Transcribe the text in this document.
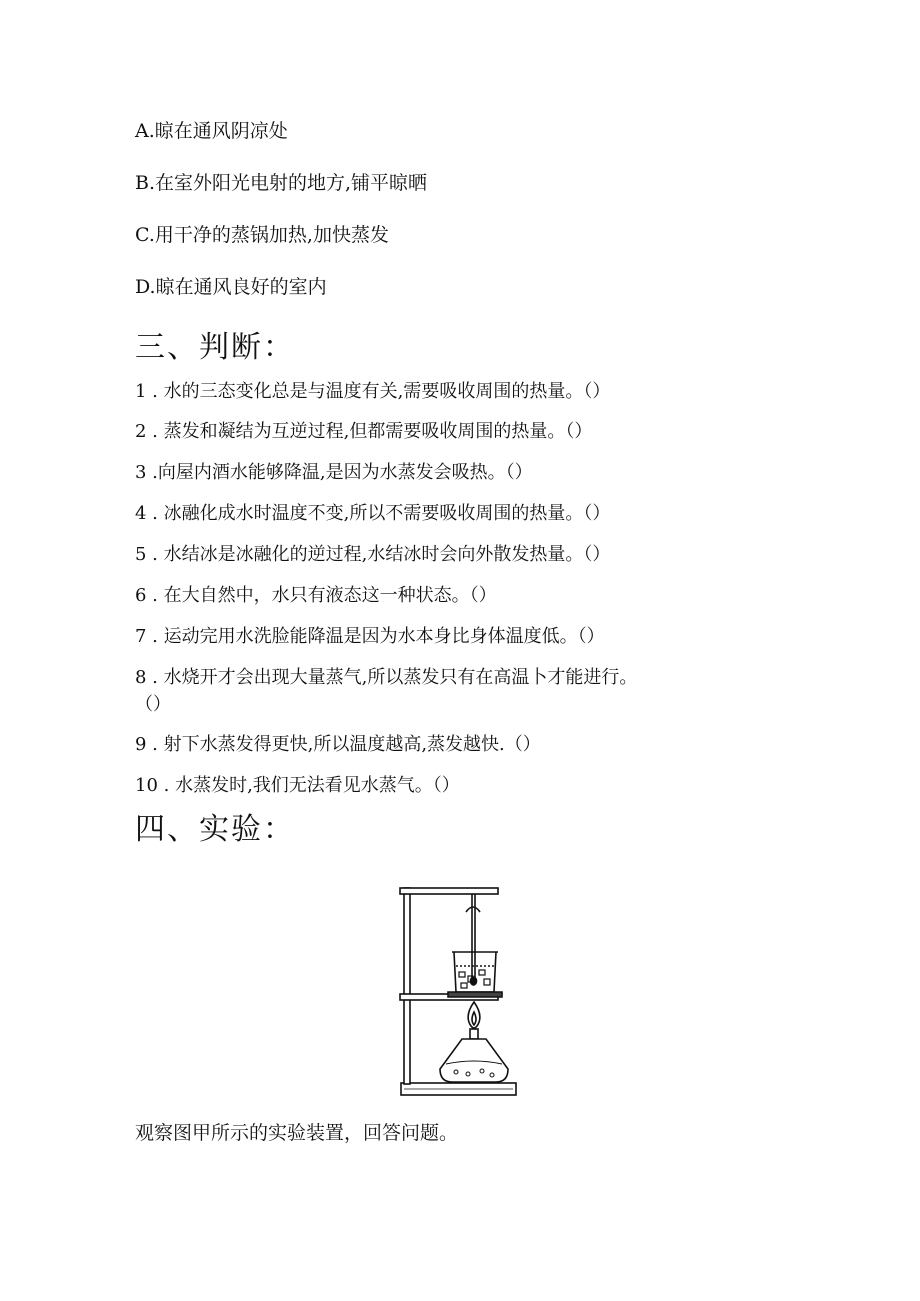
A.晾在通风阴凉处
B.在室外阳光电射的地方,铺平晾晒
C.用干净的蒸锅加热,加快蒸发
D.晾在通风良好的室内
三、判断：
1 . 水的三态变化总是与温度有关,需要吸收周围的热量。（）
2 . 蒸发和凝结为互逆过程,但都需要吸收周围的热量。（）
3 .向屋内酒水能够降温,是因为水蒸发会吸热。（）
4 . 冰融化成水时温度不变,所以不需要吸收周围的热量。（）
5 . 水结冰是冰融化的逆过程,水结冰时会向外散发热量。（）
6 . 在大自然中，水只有液态这一种状态。（）
7 . 运动完用水洗脸能降温是因为水本身比身体温度低。（）
8 . 水烧开才会出现大量蒸气,所以蒸发只有在高温卜才能进行。
（）
9 . 射下水蒸发得更快,所以温度越高,蒸发越快.（）
10 . 水蒸发时,我们无法看见水蒸气。（）
四、实验：
观察图甲所示的实验装置，回答问题。
